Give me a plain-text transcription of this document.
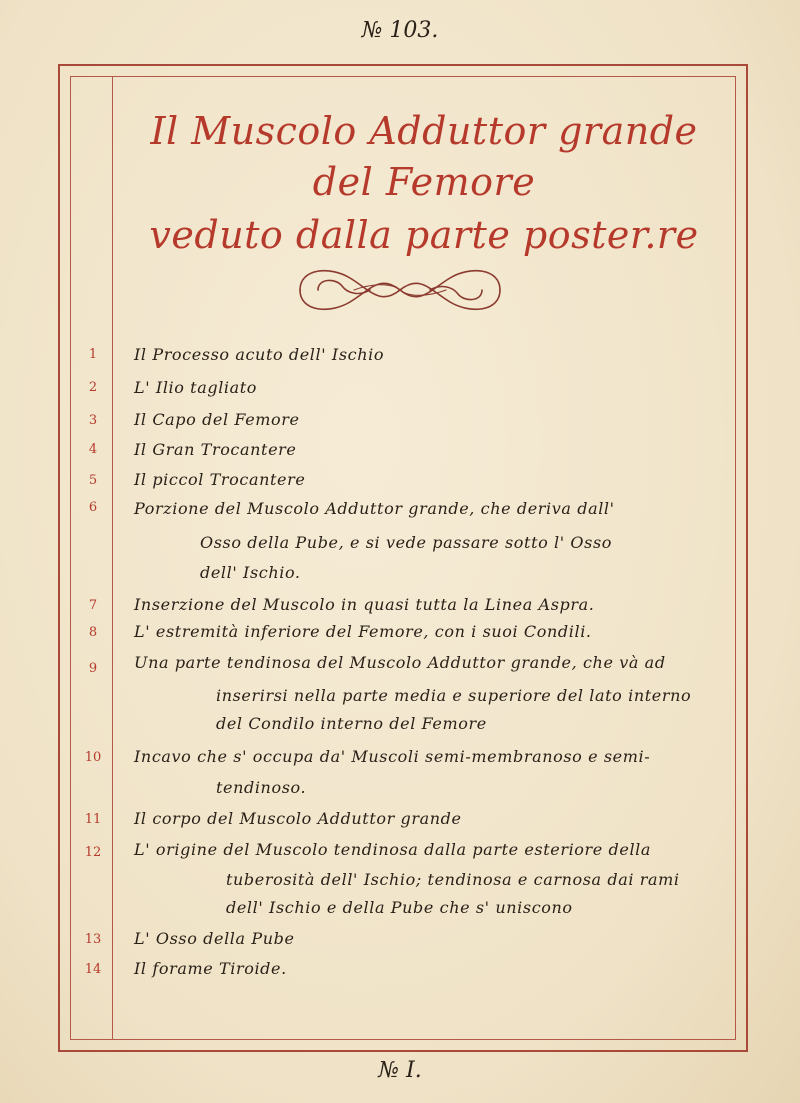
№ 103.
Il Muscolo Adduttor grande
del Femore
veduto dalla parte poster.re
1
2
3
4
5
6
7
8
9
10
11
12
13
14
Il Processo acuto dell' Ischio
L' Ilio tagliato
Il Capo del Femore
Il Gran Trocantere
Il piccol Trocantere
Porzione del Muscolo Adduttor grande, che deriva dall'
Osso della Pube, e si vede passare sotto l' Osso
dell' Ischio.
Inserzione del Muscolo in quasi tutta la Linea Aspra.
L' estremità inferiore del Femore, con i suoi Condili.
Una parte tendinosa del Muscolo Adduttor grande, che và ad
inserirsi nella parte media e superiore del lato interno
del Condilo interno del Femore
Incavo che s' occupa da' Muscoli semi-membranoso e semi-
tendinoso.
Il corpo del Muscolo Adduttor grande
L' origine del Muscolo tendinosa dalla parte esteriore della
tuberosità dell' Ischio; tendinosa e carnosa dai rami
dell' Ischio e della Pube che s' uniscono
L' Osso della Pube
Il forame Tiroide.
№ I.
